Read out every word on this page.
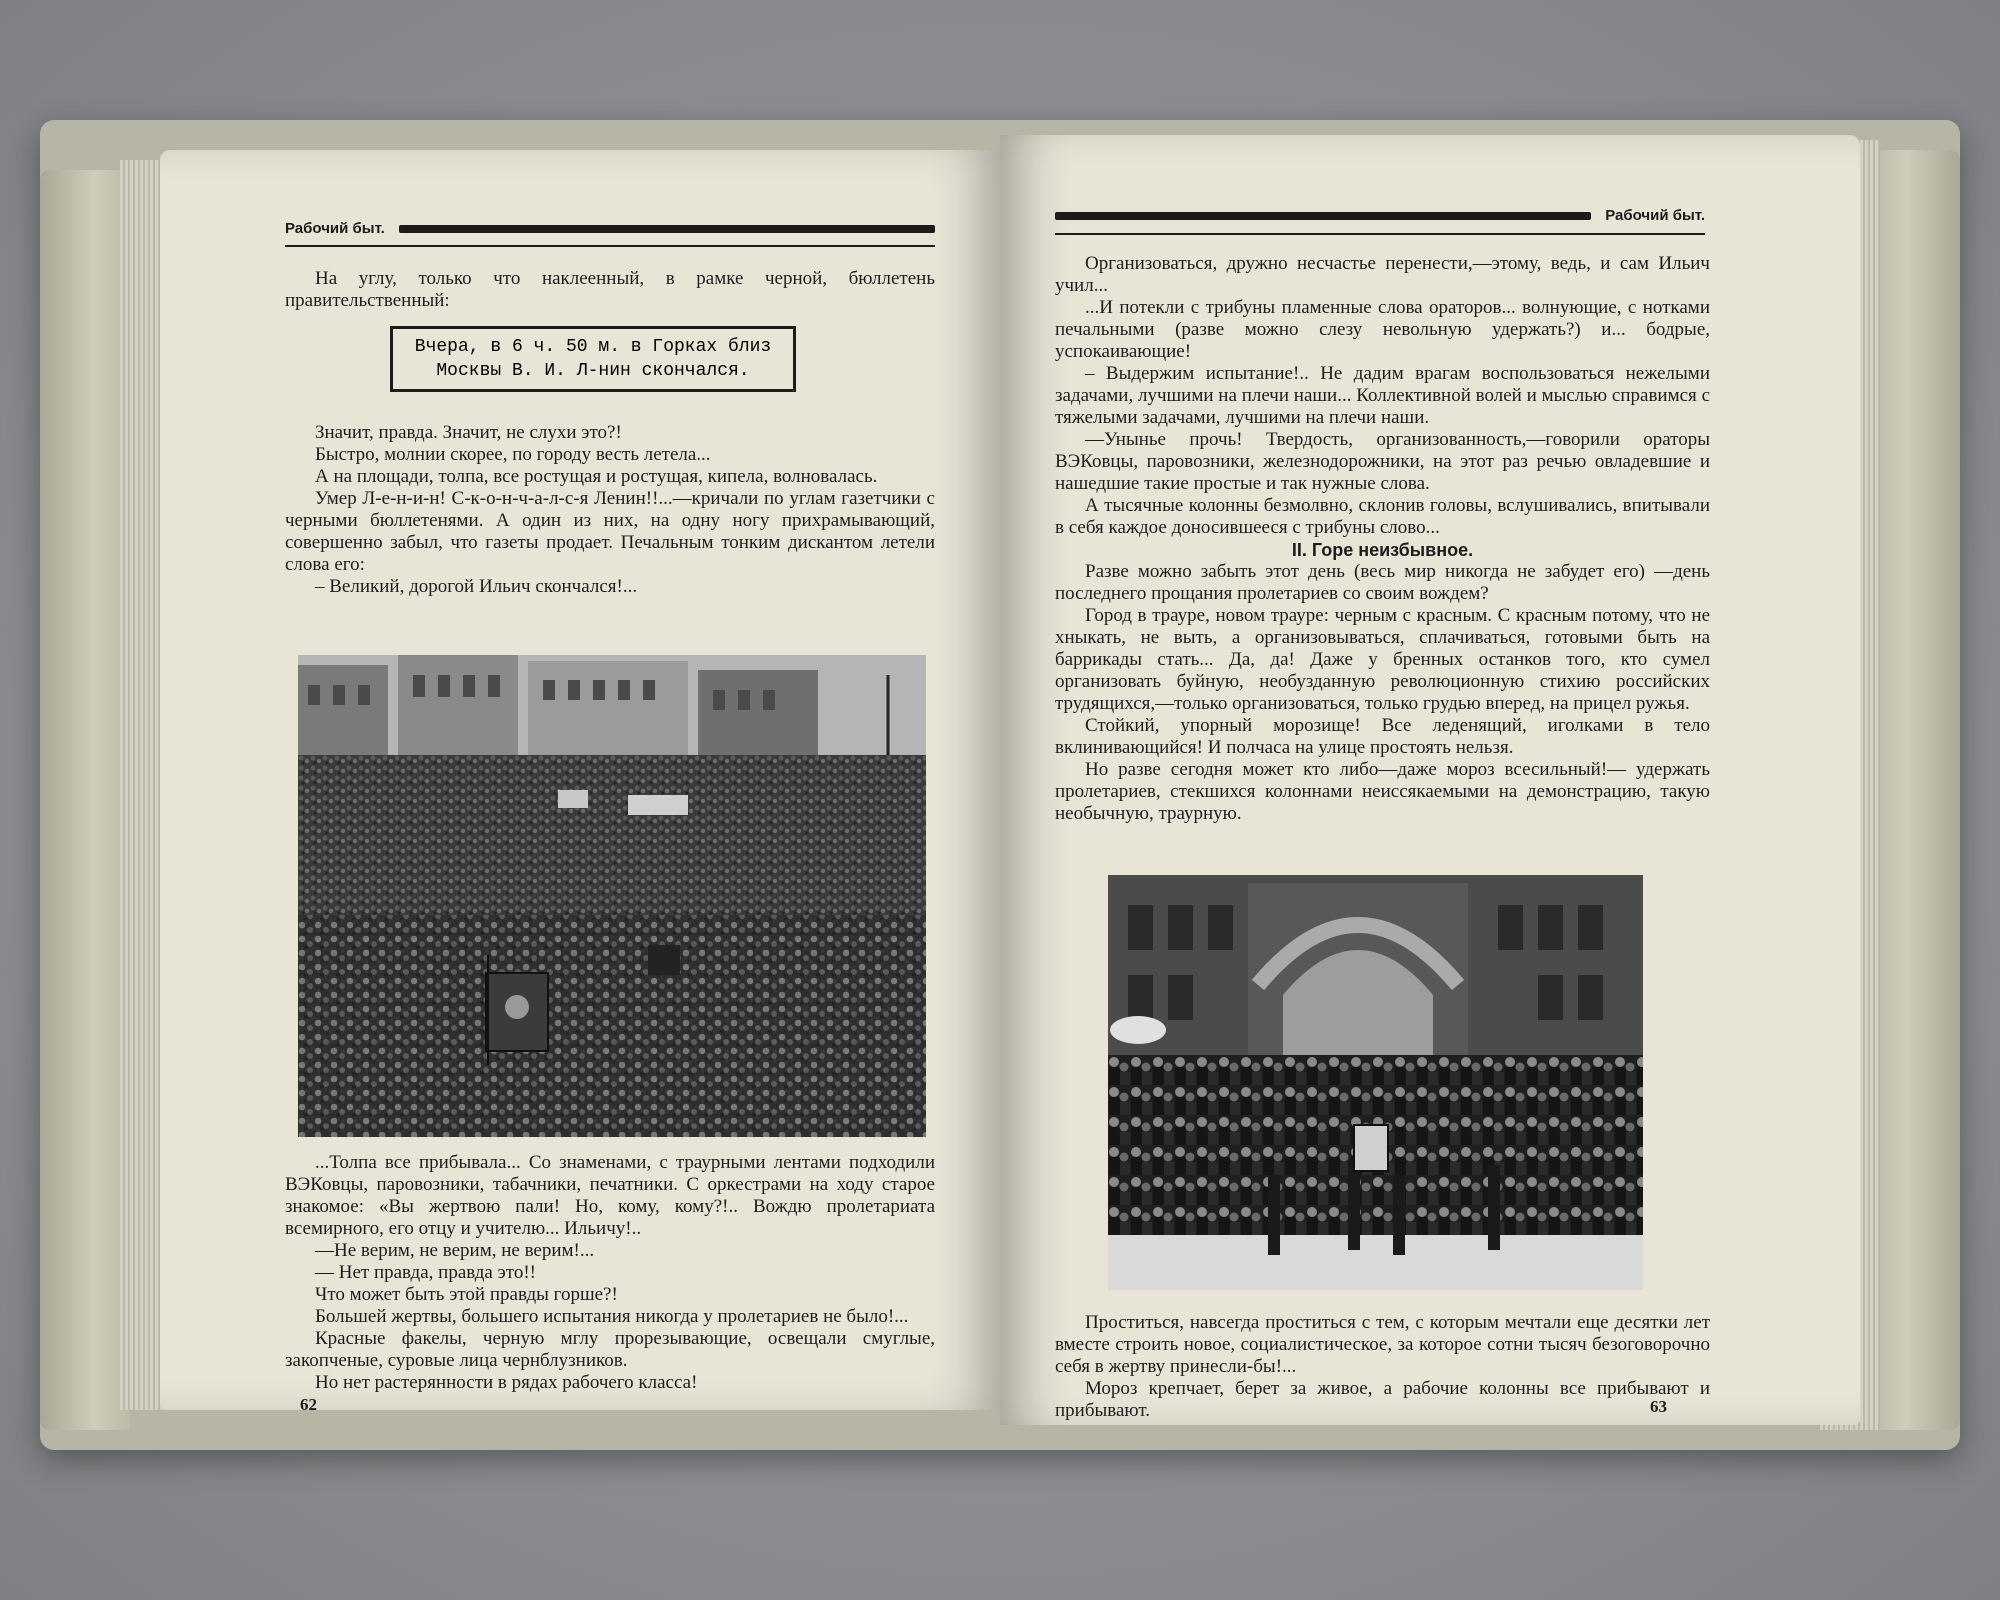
Рабочий быт.

На углу, только что наклеенный, в рамке черной, бюллетень правительственный:

Вчера, в 6 ч. 50 м. в Горках близ
Москвы В. И. Л-нин скончался.

Значит, правда. Значит, не слухи это?!

Быстро, молнии скорее, по городу весть летела...

А на площади, толпа, все ростущая и ростущая, кипела, волновалась.

Умер Л-е-н-и-н! С-к-о-н-ч-а-л-с-я Ленин!!...—кричали по углам газетчики с черными бюллетенями. А один из них, на одну ногу прихрамывающий, совершенно забыл, что газеты продает. Печальным тонким дискантом летели слова его:

– Великий, дорогой Ильич скончался!...

...Толпа все прибывала... Со знаменами, с траурными лентами подходили ВЭКовцы, паровозники, табачники, печатники. С оркестрами на ходу старое знакомое: «Вы жертвою пали! Но, кому, кому?!.. Вождю пролетариата всемирного, его отцу и учителю... Ильичу!..

—Не верим, не верим, не верим!...

— Нет правда, правда это!!

Что может быть этой правды горше?!

Большей жертвы, большего испытания никогда у пролетариев не было!...

Красные факелы, черную мглу прорезывающие, освещали смуглые, закопченые, суровые лица чернблузников.

Но нет растерянности в рядах рабочего класса!

62
Рабочий быт.

Организоваться, дружно несчастье перенести,—этому, ведь, и сам Ильич учил...

...И потекли с трибуны пламенные слова ораторов... волнующие, с нотками печальными (разве можно слезу невольную удержать?) и... бодрые, успокаивающие!

– Выдержим испытание!.. Не дадим врагам воспользоваться нежелыми задачами, лучшими на плечи наши... Коллективной волей и мыслью справимся с тяжелыми задачами, лучшими на плечи наши.

—Унынье прочь! Твердость, организованность,—говорили ораторы ВЭКовцы, паровозники, железнодорожники, на этот раз речью овладевшие и нашедшие такие простые и так нужные слова.

А тысячные колонны безмолвно, склонив головы, вслушивались, впитывали в себя каждое доносившееся с трибуны слово...

II. Горе неизбывное.

Разве можно забыть этот день (весь мир никогда не забудет его) —день последнего прощания пролетариев со своим вождем?

Город в трауре, новом трауре: черным с красным. С красным потому, что не хныкать, не выть, а организовываться, сплачиваться, готовыми быть на баррикады стать... Да, да! Даже у бренных останков того, кто сумел организовать буйную, необузданную революционную стихию российских трудящихся,—только организоваться, только грудью вперед, на прицел ружья.

Стойкий, упорный морозище! Все леденящий, иголками в тело вклинивающийся! И полчаса на улице простоять нельзя.

Но разве сегодня может кто либо—даже мороз всесильный!— удержать пролетариев, стекшихся колоннами неиссякаемыми на демонстрацию, такую необычную, траурную.

Проститься, навсегда проститься с тем, с которым мечтали еще десятки лет вместе строить новое, социалистическое, за которое сотни тысяч безоговорочно себя в жертву принесли-бы!...

Мороз крепчает, берет за живое, а рабочие колонны все прибывают и прибывают.	63
